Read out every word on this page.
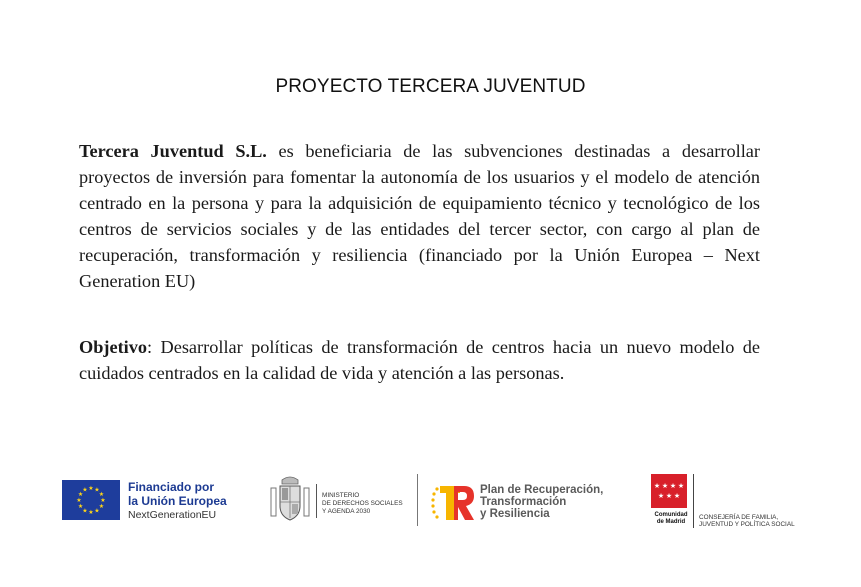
PROYECTO TERCERA JUVENTUD
Tercera Juventud S.L. es beneficiaria de las subvenciones destinadas a desarrollar proyectos de inversión para fomentar la autonomía de los usuarios y el modelo de atención centrado en la persona y para la adquisición de equipamiento técnico y tecnológico de los centros de servicios sociales y de las entidades del tercer sector, con cargo al plan de recuperación, transformación y resiliencia (financiado por la Unión Europea – Next Generation EU)
Objetivo: Desarrollar políticas de transformación de centros hacia un nuevo modelo de cuidados centrados en la calidad de vida y atención a las personas.
★ ★
★
★
★
★
★
★
★
★
★
★	Financiado por
la Unión Europea
NextGenerationEU
MINISTERIO
DE DERECHOS SOCIALES
Y AGENDA 2030
Plan de Recuperación,
Transformación
y Resiliencia
★ ★ ★ ★
★ ★ ★
Comunidad
de Madrid
CONSEJERÍA DE FAMILIA,
JUVENTUD Y POLÍTICA SOCIAL
